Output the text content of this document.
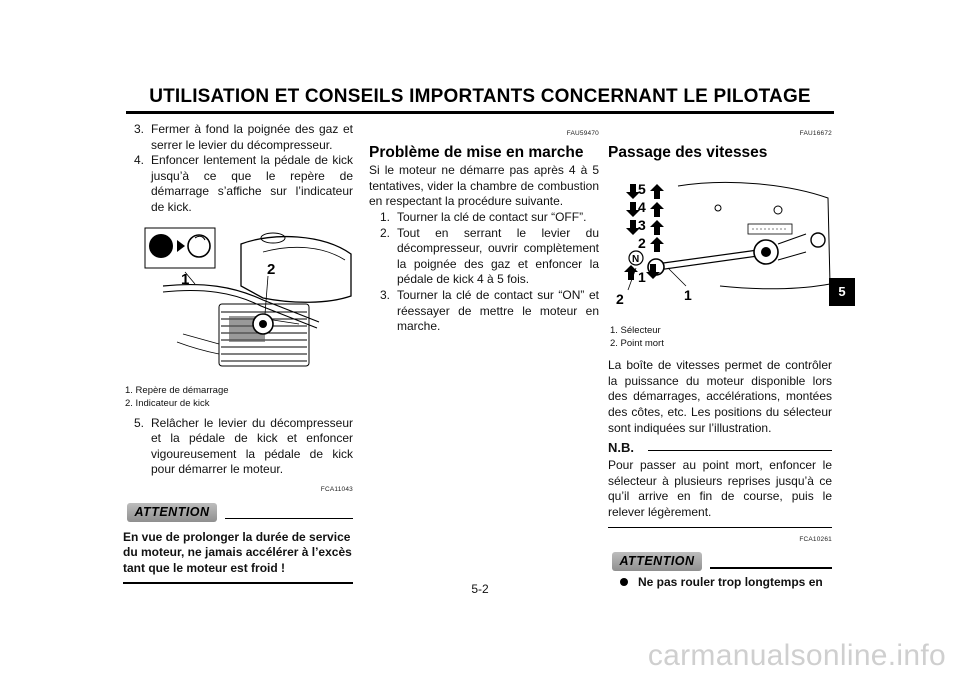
UTILISATION ET CONSEILS IMPORTANTS CONCERNANT LE PILOTAGE
3. Fermer à fond la poignée des gaz et serrer le levier du décompresseur.
4. Enfoncer lentement la pédale de kick jusqu’à ce que le repère de démarrage s’affiche sur l’indicateur de kick.
1
2
1. Repère de démarrage
2. Indicateur de kick
5. Relâcher le levier du décompresseur et la pédale de kick et enfoncer vigoureusement la pédale de kick pour démarrer le moteur.
FCA11043
ATTENTION
En vue de prolonger la durée de service du moteur, ne jamais accélérer à l’excès tant que le moteur est froid !
FAU59470
Problème de mise en marche
Si le moteur ne démarre pas après 4 à 5 tentatives, vider la chambre de combustion en respectant la procédure suivante.
1. Tourner la clé de contact sur “OFF”.
2. Tout en serrant le levier du décompresseur, ouvrir complètement la poignée des gaz et enfoncer la pédale de kick 4 à 5 fois.
3. Tourner la clé de contact sur “ON” et réessayer de mettre le moteur en marche.
FAU16672
Passage des vitesses
5
4
3
2
N
1
2	1
1. Sélecteur
2. Point mort
La boîte de vitesses permet de contrôler la puissance du moteur disponible lors des démarrages, accélérations, montées des côtes, etc. Les positions du sélecteur sont indiquées sur l’illustration.
N.B.
Pour passer au point mort, enfoncer le sélecteur à plusieurs reprises jusqu’à ce qu’il arrive en fin de course, puis le relever légèrement.
FCA10261
ATTENTION
Ne pas rouler trop longtemps en
5-2
5
carmanualsonline.info
